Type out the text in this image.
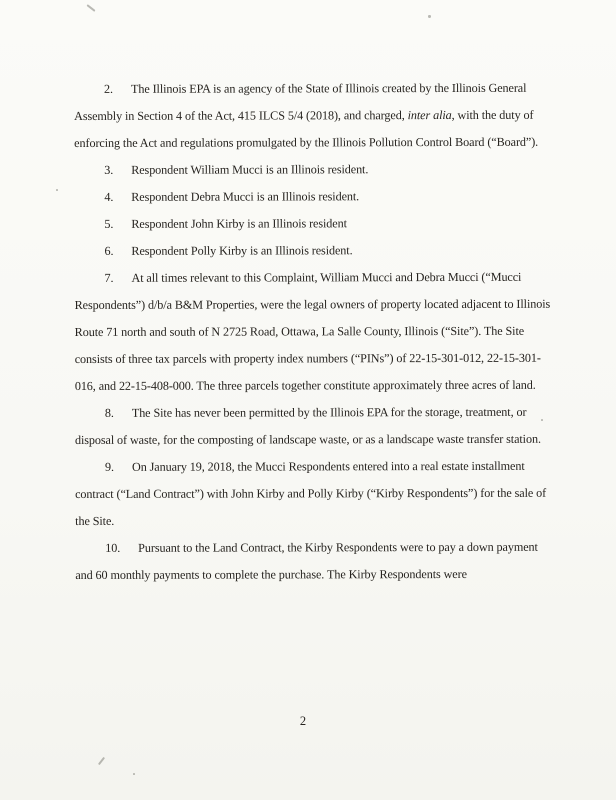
2. The Illinois EPA is an agency of the State of Illinois created by the Illinois General Assembly in Section 4 of the Act, 415 ILCS 5/4 (2018), and charged, inter alia, with the duty of enforcing the Act and regulations promulgated by the Illinois Pollution Control Board (“Board”).

3. Respondent William Mucci is an Illinois resident.

4. Respondent Debra Mucci is an Illinois resident.

5. Respondent John Kirby is an Illinois resident

6. Respondent Polly Kirby is an Illinois resident.

7. At all times relevant to this Complaint, William Mucci and Debra Mucci (“Mucci Respondents”) d/b/a B&M Properties, were the legal owners of property located adjacent to Illinois Route 71 north and south of N 2725 Road, Ottawa, La Salle County, Illinois (“Site”). The Site consists of three tax parcels with property index numbers (“PINs”) of 22-15-301-012, 22-15-301-016, and 22-15-408-000. The three parcels together constitute approximately three acres of land.

8. The Site has never been permitted by the Illinois EPA for the storage, treatment, or disposal of waste, for the composting of landscape waste, or as a landscape waste transfer station.

9. On January 19, 2018, the Mucci Respondents entered into a real estate installment contract (“Land Contract”) with John Kirby and Polly Kirby (“Kirby Respondents”) for the sale of the Site.

10. Pursuant to the Land Contract, the Kirby Respondents were to pay a down payment and 60 monthly payments to complete the purchase. The Kirby Respondents were

2
